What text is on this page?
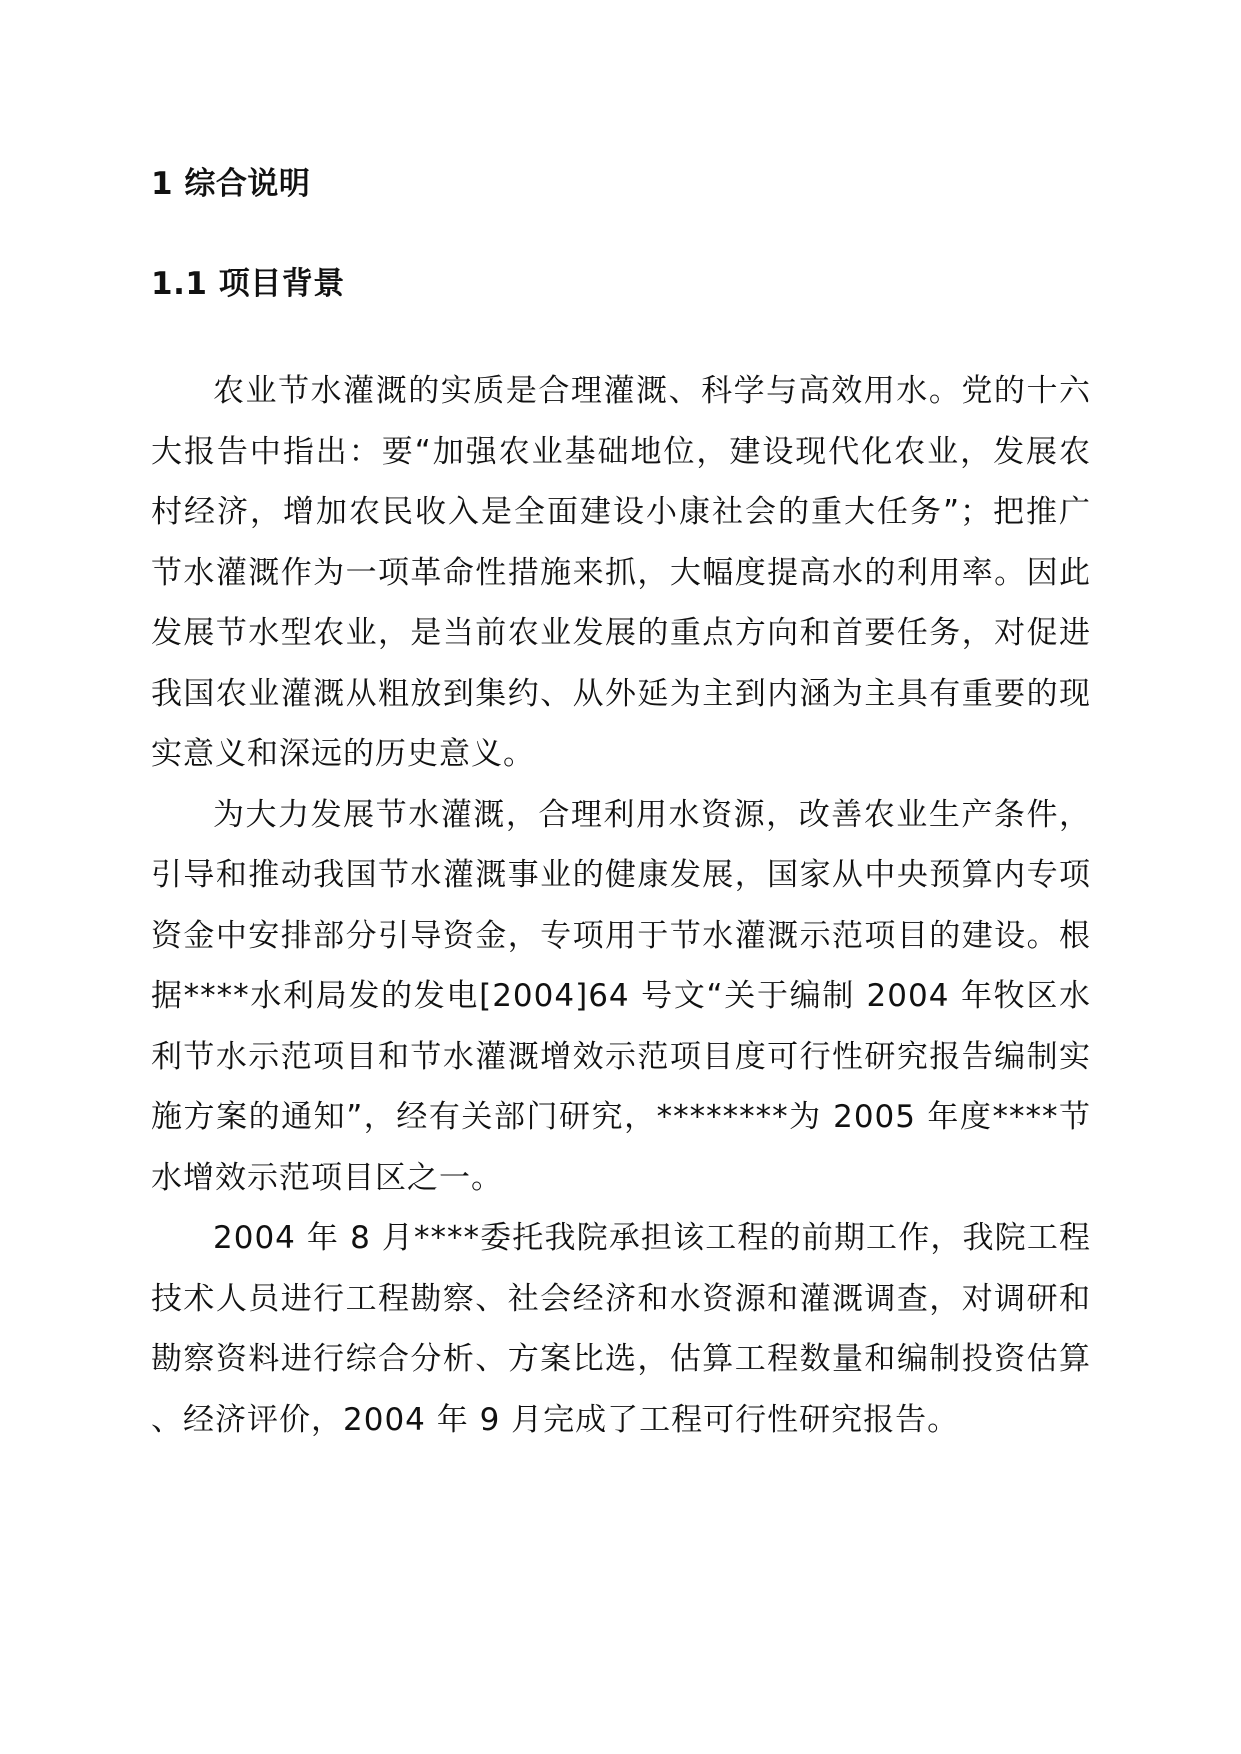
1 综合说明
1.1 项目背景

农业节水灌溉的实质是合理灌溉、科学与高效用水。党的十六大报告中指出：要“加强农业基础地位，建设现代化农业，发展农村经济，增加农民收入是全面建设小康社会的重大任务”；把推广节水灌溉作为一项革命性措施来抓，大幅度提高水的利用率。因此发展节水型农业，是当前农业发展的重点方向和首要任务，对促进我国农业灌溉从粗放到集约、从外延为主到内涵为主具有重要的现实意义和深远的历史意义。

为大力发展节水灌溉，合理利用水资源，改善农业生产条件，引导和推动我国节水灌溉事业的健康发展，国家从中央预算内专项资金中安排部分引导资金，专项用于节水灌溉示范项目的建设。根据****水利局发的发电[2004]64 号文“关于编制 2004 年牧区水利节水示范项目和节水灌溉增效示范项目度可行性研究报告编制实施方案的通知”，经有关部门研究，********为 2005 年度****节水增效示范项目区之一。

2004 年 8 月****委托我院承担该工程的前期工作，我院工程技术人员进行工程勘察、社会经济和水资源和灌溉调查，对调研和勘察资料进行综合分析、方案比选，估算工程数量和编制投资估算、经济评价，2004 年 9 月完成了工程可行性研究报告。
